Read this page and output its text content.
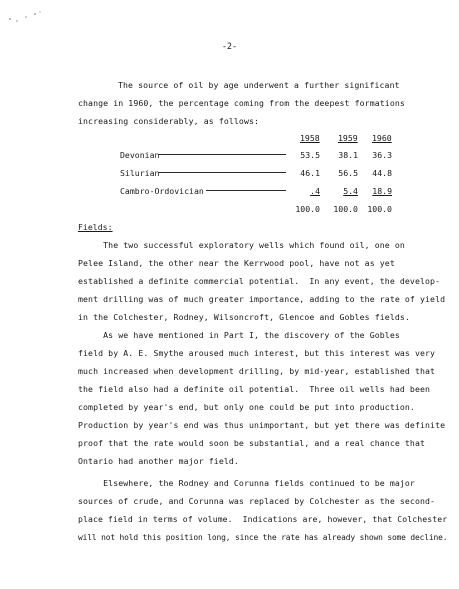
-2-
The source of oil by age underwent a further significant
change in 1960, the percentage coming from the deepest formations
increasing considerably, as follows:
1958 1959 1960
Devonian	53.5	38.1	36.3
Silurian	46.1	56.5	44.8
Cambro-Ordovician	.4	5.4	18.9
100.0	100.0	100.0
Fields:
The two successful exploratory wells which found oil, one on
Pelee Island, the other near the Kerrwood pool, have not as yet
established a definite commercial potential.  In any event, the develop-
ment drilling was of much greater importance, adding to the rate of yield
in the Colchester, Rodney, Wilsoncroft, Glencoe and Gobles fields.
As we have mentioned in Part I, the discovery of the Gobles
field by A. E. Smythe aroused much interest, but this interest was very
much increased when development drilling, by mid-year, established that
the field also had a definite oil potential.  Three oil wells had been
completed by year's end, but only one could be put into production.
Production by year's end was thus unimportant, but yet there was definite
proof that the rate would soon be substantial, and a real chance that
Ontario had another major field.
Elsewhere, the Rodney and Corunna fields continued to be major
sources of crude, and Corunna was replaced by Colchester as the second-
place field in terms of volume.  Indications are, however, that Colchester
will not hold this position long, since the rate has already shown some decline.
